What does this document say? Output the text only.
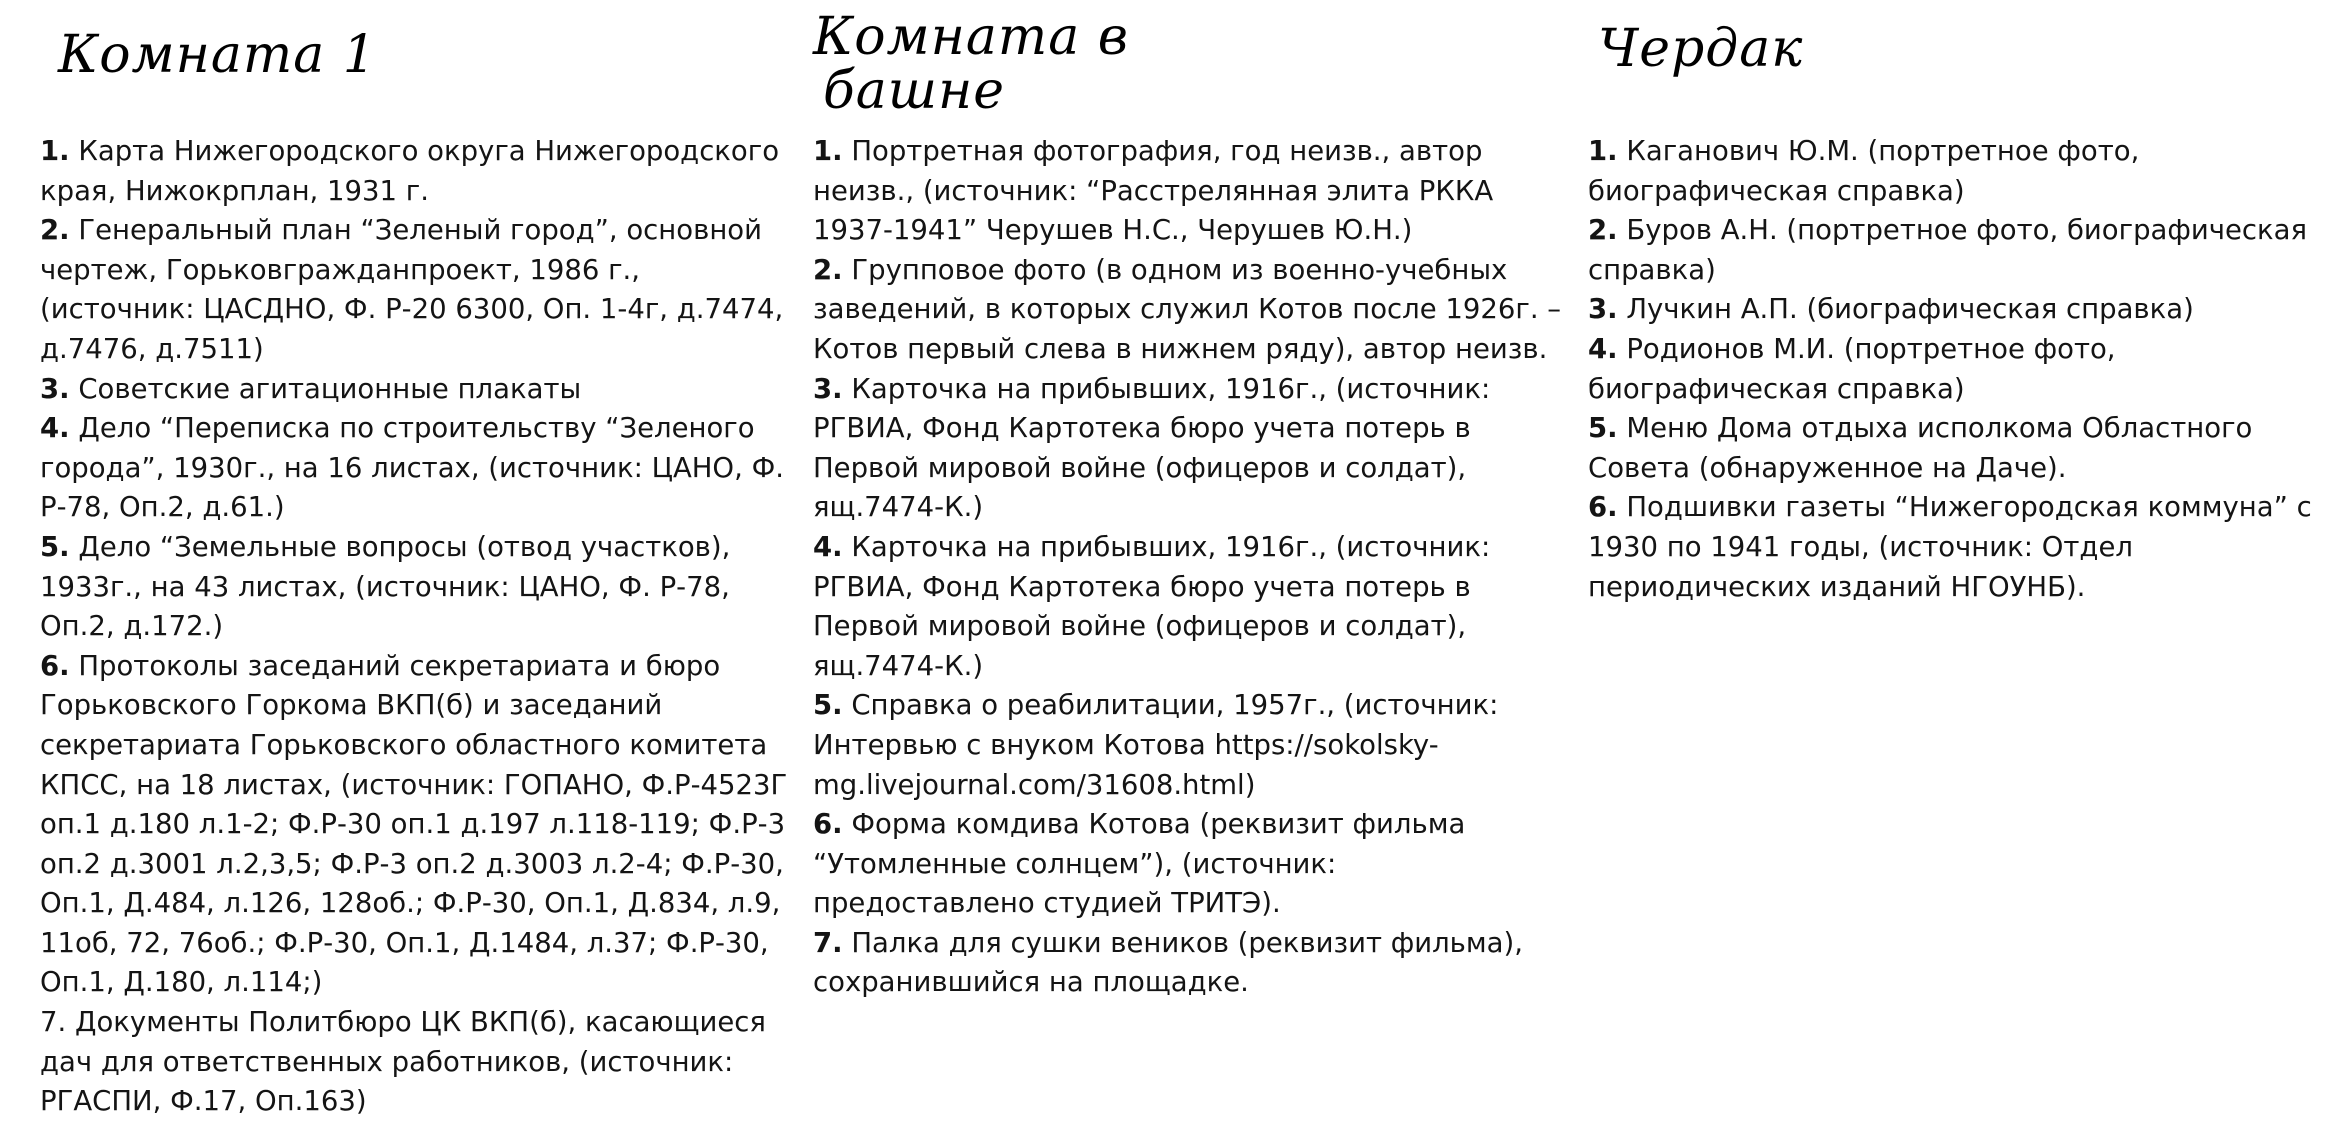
Комната 1
1. Карта Нижегородского округа Нижегородского края, Нижокрплан, 1931 г.
2. Генеральный план “Зеленый город”, основной чертеж, Горьковгражданпроект, 1986 г., (источник: ЦАСДНО, Ф. Р-20 6300, Оп. 1-4г, д.7474, д.7476, д.7511)
3. Советские агитационные плакаты
4. Дело “Переписка по строительству “Зеленого города”, 1930г., на 16 листах, (источник: ЦАНО, Ф. Р-78, Оп.2, д.61.)
5. Дело “Земельные вопросы (отвод участков), 1933г., на 43 листах, (источник: ЦАНО, Ф. Р-78, Оп.2, д.172.)
6. Протоколы заседаний секретариата и бюро Горьковского Горкома ВКП(б) и заседаний секретариата Горьковского областного комитета КПСС, на 18 листах, (источник: ГОПАНО, Ф.Р-4523Г оп.1 д.180 л.1-2; Ф.Р-30 оп.1 д.197 л.118-119; Ф.Р-3 оп.2 д.3001 л.2,3,5; Ф.Р-3 оп.2 д.3003 л.2-4; Ф.Р-30, Оп.1, Д.484, л.126, 128об.; Ф.Р-30, Оп.1, Д.834, л.9, 11об, 72, 76об.; Ф.Р-30, Оп.1, Д.1484, л.37; Ф.Р-30, Оп.1, Д.180, л.114;)
7. Документы Политбюро ЦК ВКП(б), касающиеся дач для ответственных работников, (источник: РГАСПИ, Ф.17, Оп.163)
Комната в
башне
1. Портретная фотография, год неизв., автор неизв., (источник: “Расстрелянная элита РККА 1937-1941” Черушев Н.С., Черушев Ю.Н.)
2. Групповое фото (в одном из военно-учебных заведений, в которых служил Котов после 1926г. – Котов первый слева в нижнем ряду), автор неизв.
3. Карточка на прибывших, 1916г., (источник: РГВИА, Фонд Картотека бюро учета потерь в Первой мировой войне (офицеров и солдат), ящ.7474-К.)
4. Карточка на прибывших, 1916г., (источник: РГВИА, Фонд Картотека бюро учета потерь в Первой мировой войне (офицеров и солдат), ящ.7474-К.)
5. Справка о реабилитации, 1957г., (источник: Интервью с внуком Котова https://sokolsky-mg.livejournal.com/31608.html)
6. Форма комдива Котова (реквизит фильма “Утомленные солнцем”), (источник: предоставлено студией ТРИТЭ).
7. Палка для сушки веников (реквизит фильма), сохранившийся на площадке.
Чердак
1. Каганович Ю.М. (портретное фото, биографическая справка)
2. Буров А.Н. (портретное фото, биографическая справка)
3. Лучкин А.П. (биографическая справка)
4. Родионов М.И. (портретное фото, биографическая справка)
5. Меню Дома отдыха исполкома Областного Совета (обнаруженное на Даче).
6. Подшивки газеты “Нижегородская коммуна” с 1930 по 1941 годы, (источник: Отдел периодических изданий НГОУНБ).
